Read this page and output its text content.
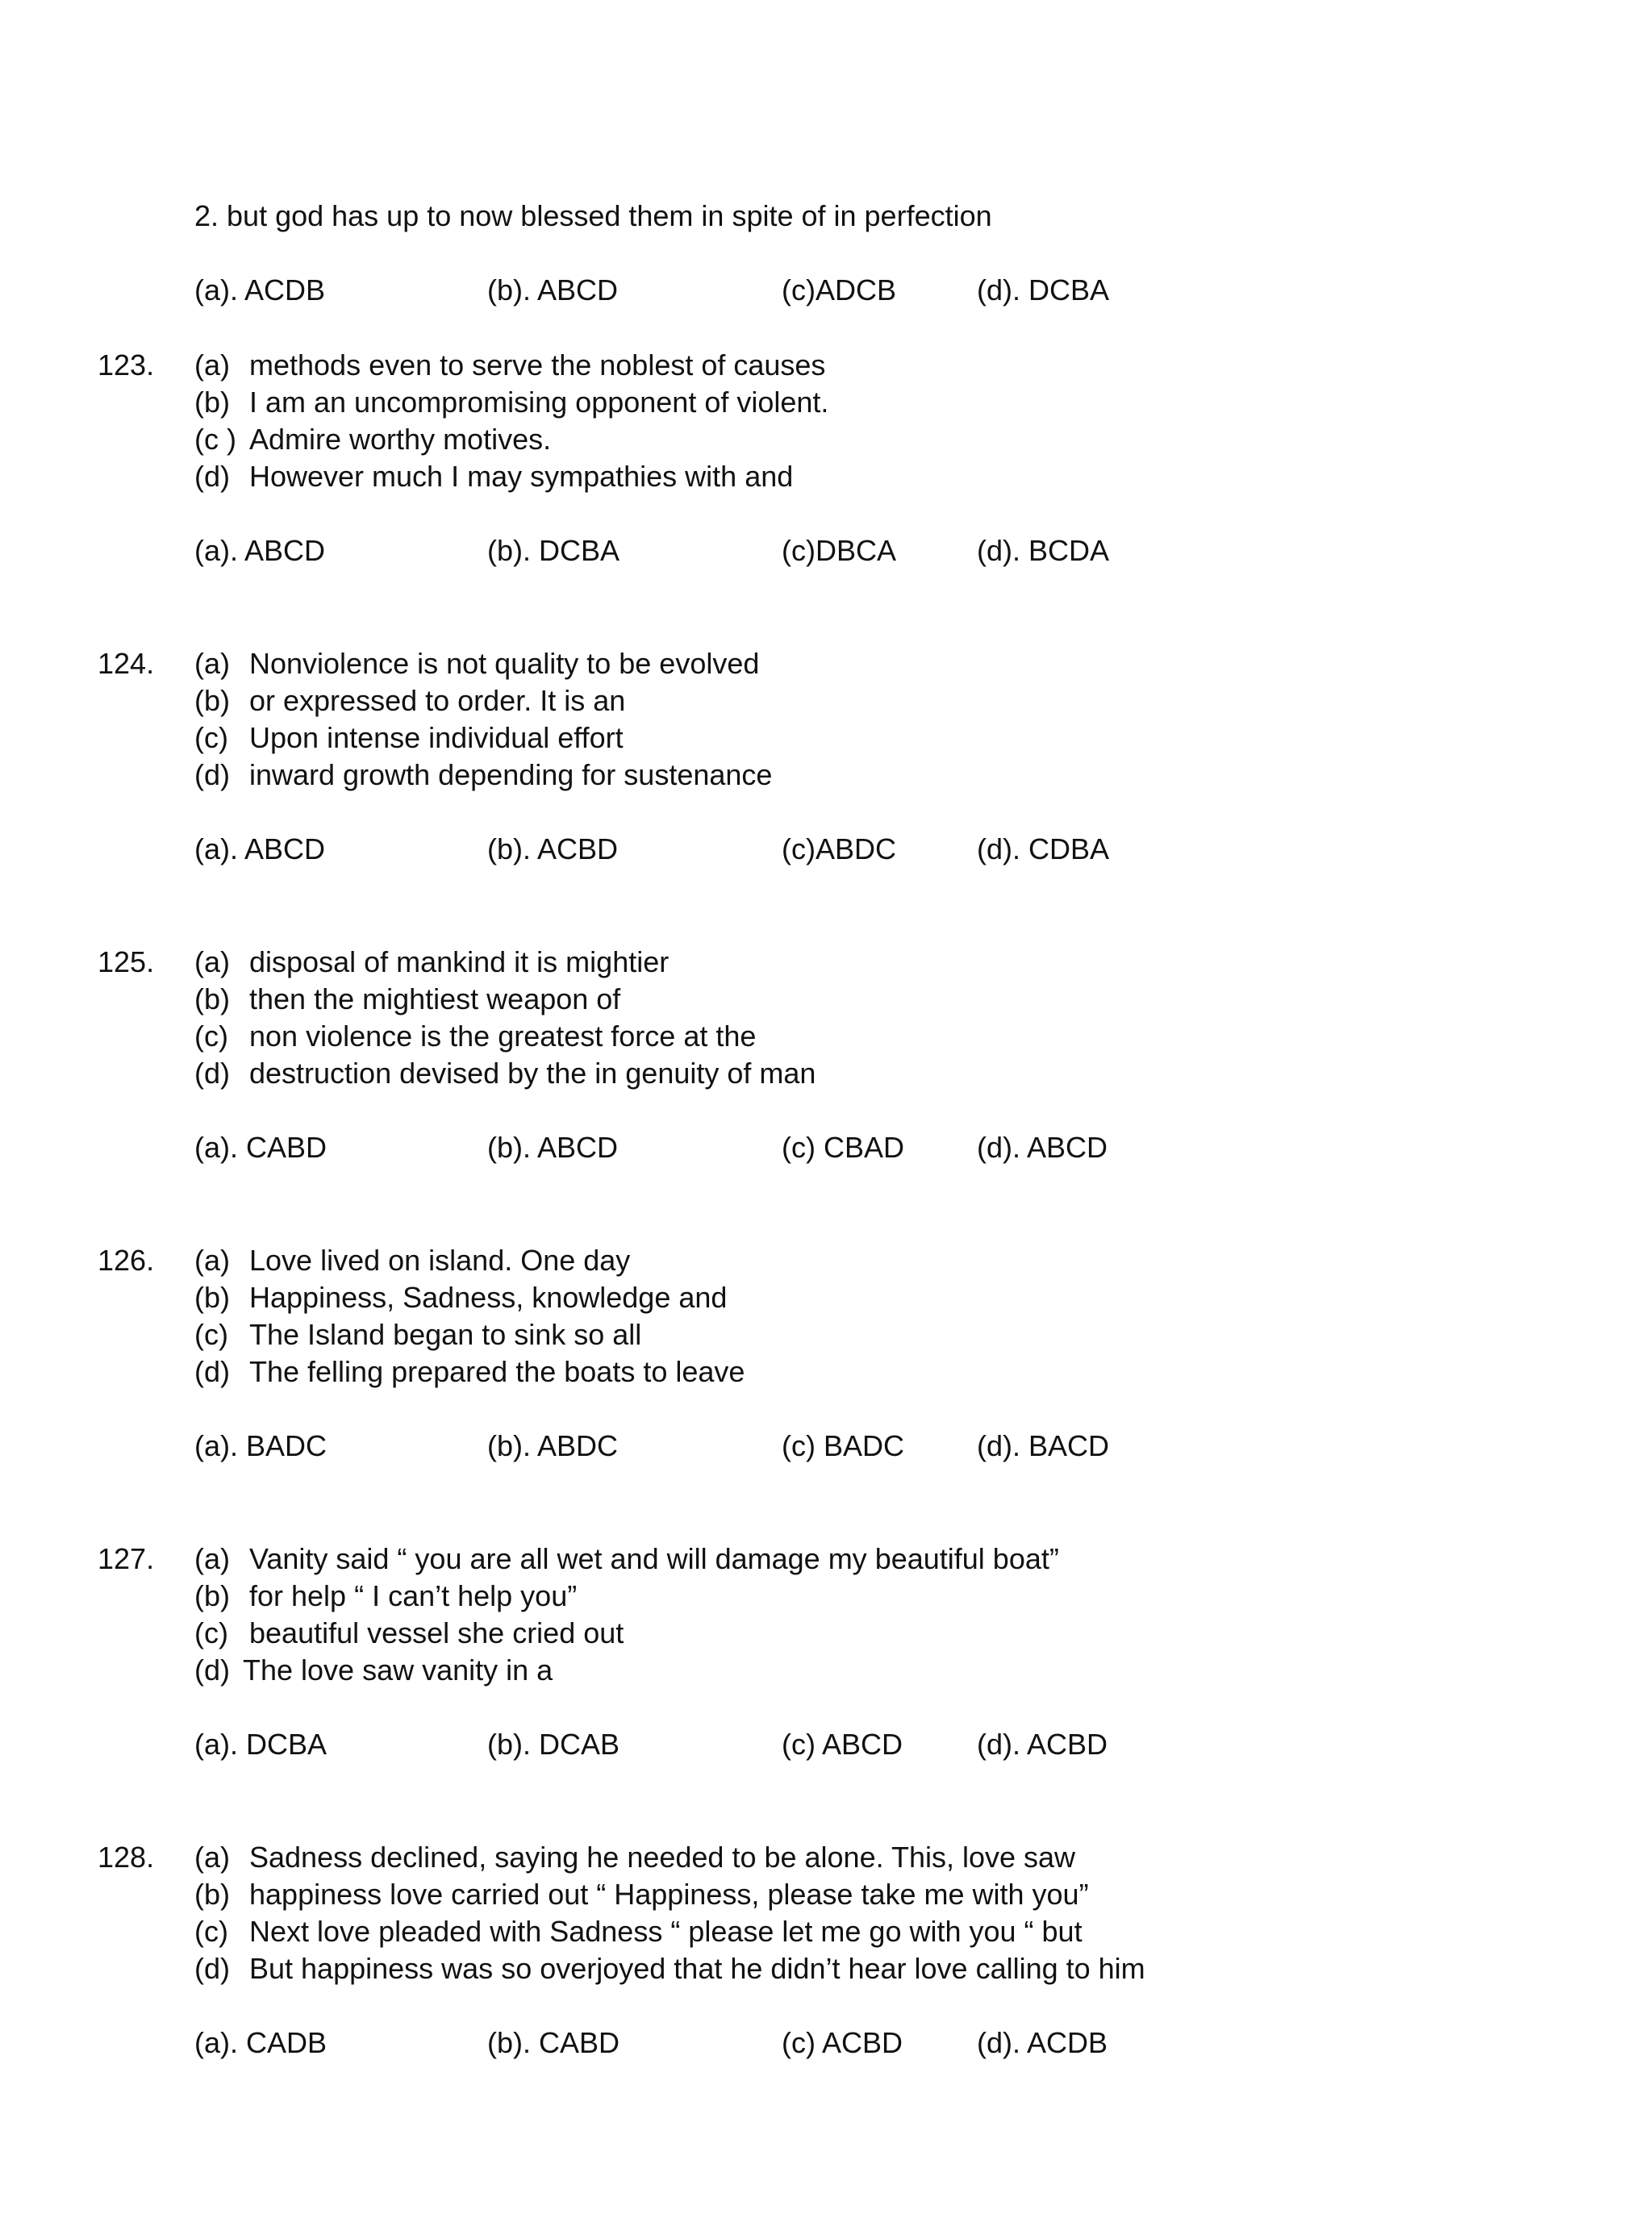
2. but god has up to now blessed them in spite of in perfection
(a). ACDB	(b). ABCD	(c)ADCB	(d). DCBA
123. (a) methods even to serve the noblest of causes
(b) I am an uncompromising opponent of violent.
(c ) Admire worthy motives.
(d) However much I may sympathies with and
(a). ABCD	(b). DCBA	(c)DBCA	(d). BCDA
124. (a) Nonviolence is not quality to be evolved
(b) or expressed to order. It is an
(c) Upon intense individual effort
(d) inward growth depending for sustenance
(a). ABCD	(b). ACBD	(c)ABDC	(d). CDBA
125. (a) disposal of mankind it is mightier
(b) then the mightiest weapon of
(c) non violence is the greatest force at the
(d) destruction devised by the in genuity of man
(a). CABD	(b). ABCD	(c) CBAD	(d). ABCD
126. (a) Love lived on island. One day
(b) Happiness, Sadness, knowledge and
(c) The Island began to sink so all
(d) The felling prepared the boats to leave
(a). BADC	(b). ABDC	(c) BADC	(d). BACD
127. (a) Vanity said “ you are all wet and will damage my beautiful boat”
(b) for help “ I can’t help you”
(c) beautiful vessel she cried out
(d) The love saw vanity in a
(a). DCBA	(b). DCAB	(c) ABCD	(d). ACBD
128. (a) Sadness declined, saying he needed to be alone. This, love saw
(b) happiness love carried out “ Happiness, please take me with you”
(c) Next love pleaded with Sadness “ please let me go with you “ but
(d) But happiness was so overjoyed that he didn’t hear love calling to him
(a). CADB	(b). CABD	(c) ACBD	(d). ACDB
